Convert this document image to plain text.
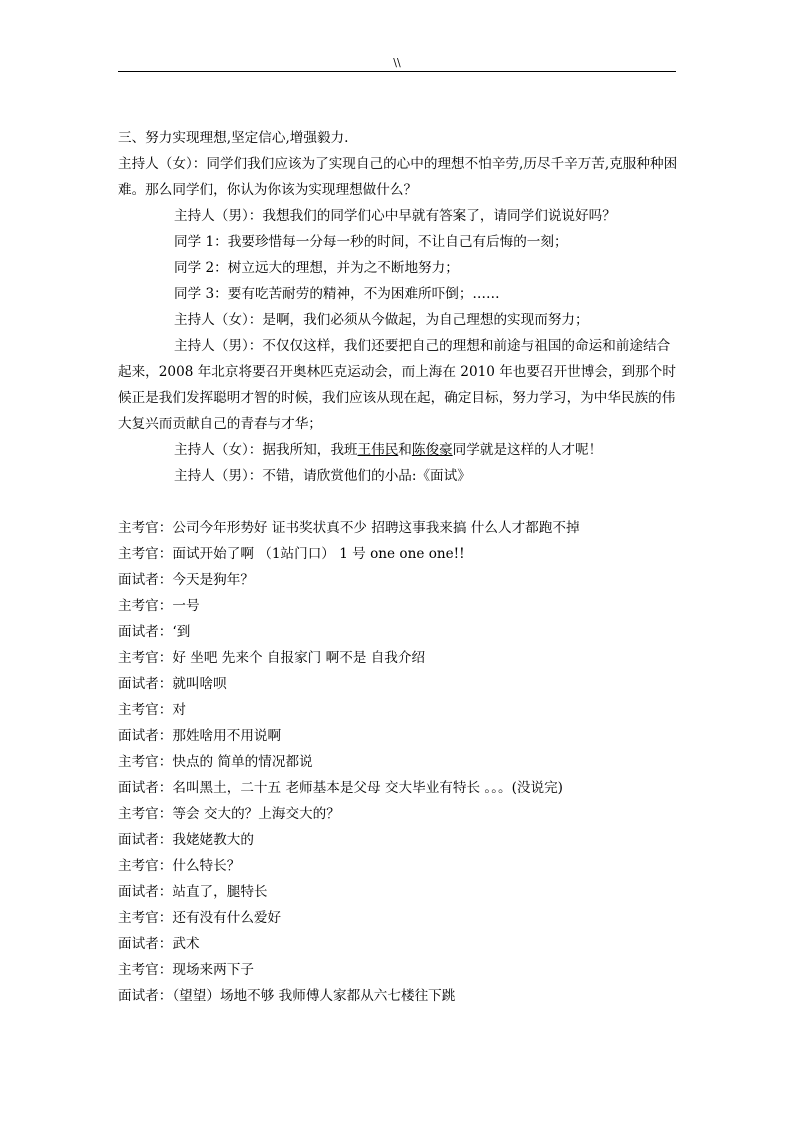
\\
三、努力实现理想,坚定信心,增强毅力.
主持人（女）：同学们我们应该为了实现自己的心中的理想不怕辛劳,历尽千辛万苦,克服种种困难。那么同学们，你认为你该为实现理想做什么？
主持人（男）：我想我们的同学们心中早就有答案了，请同学们说说好吗？
同学 1：我要珍惜每一分每一秒的时间，不让自己有后悔的一刻；
同学 2：树立远大的理想，并为之不断地努力；
同学 3：要有吃苦耐劳的精神，不为困难所吓倒；……
主持人（女）：是啊，我们必须从今做起，为自己理想的实现而努力；
主持人（男）：不仅仅这样，我们还要把自己的理想和前途与祖国的命运和前途结合起来，2008 年北京将要召开奥林匹克运动会，而上海在 2010 年也要召开世博会，到那个时候正是我们发挥聪明才智的时候，我们应该从现在起，确定目标，努力学习，为中华民族的伟大复兴而贡献自己的青春与才华；
主持人（女）：据我所知，我班王伟民和陈俊豪同学就是这样的人才呢！
主持人（男）：不错，请欣赏他们的小品:《面试》
主考官：公司今年形势好 证书奖状真不少 招聘这事我来搞 什么人才都跑不掉
主考官：面试开始了啊 （1站门口） 1 号 one one one!!
面试者：今天是狗年？
主考官：一号
面试者：‘到
主考官：好 坐吧 先来个 自报家门 啊不是 自我介绍
面试者：就叫啥呗
主考官：对
面试者：那姓啥用不用说啊
主考官：快点的 简单的情况都说
面试者：名叫黑土，二十五 老师基本是父母 交大毕业有特长 。。。(没说完)
主考官：等会 交大的？上海交大的？
面试者：我姥姥教大的
主考官：什么特长？
面试者：站直了，腿特长
主考官：还有没有什么爱好
面试者：武术
主考官：现场来两下子
面试者：（望望）场地不够 我师傅人家都从六七楼往下跳
